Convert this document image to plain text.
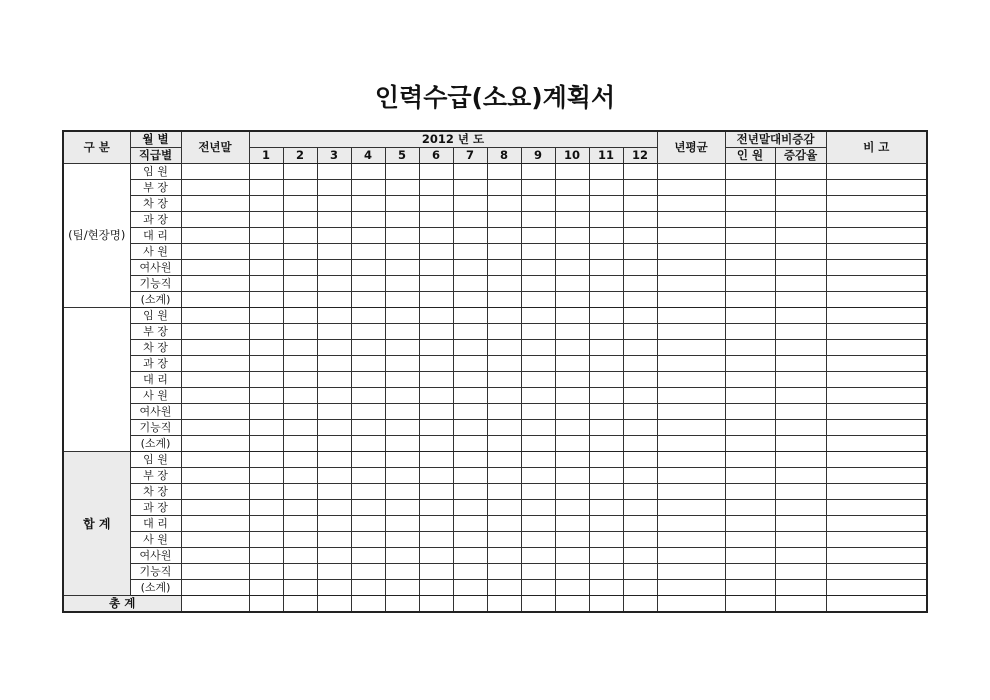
인력수급(소요)계획서
구 분	월 별	전년말	2012 년 도												년평균	전년말대비증감		비 고
	직급별		1	2	3	4	5	6	7	8	9	10	11	12		인 원	증감율	
(팀/현장명)	임 원																	
	부 장																	
	차 장																	
	과 장																	
	대 리																	
	사 원																	
	여사원																	
	기능직																	
	(소계)																	
	임 원																	
	부 장																	
	차 장																	
	과 장																	
	대 리																	
	사 원																	
	여사원																	
	기능직																	
	(소계)																	
합 계	임 원																	
	부 장																	
	차 장																	
	과 장																	
	대 리																	
	사 원																	
	여사원																	
	기능직																	
	(소계)																	
총 계																		
